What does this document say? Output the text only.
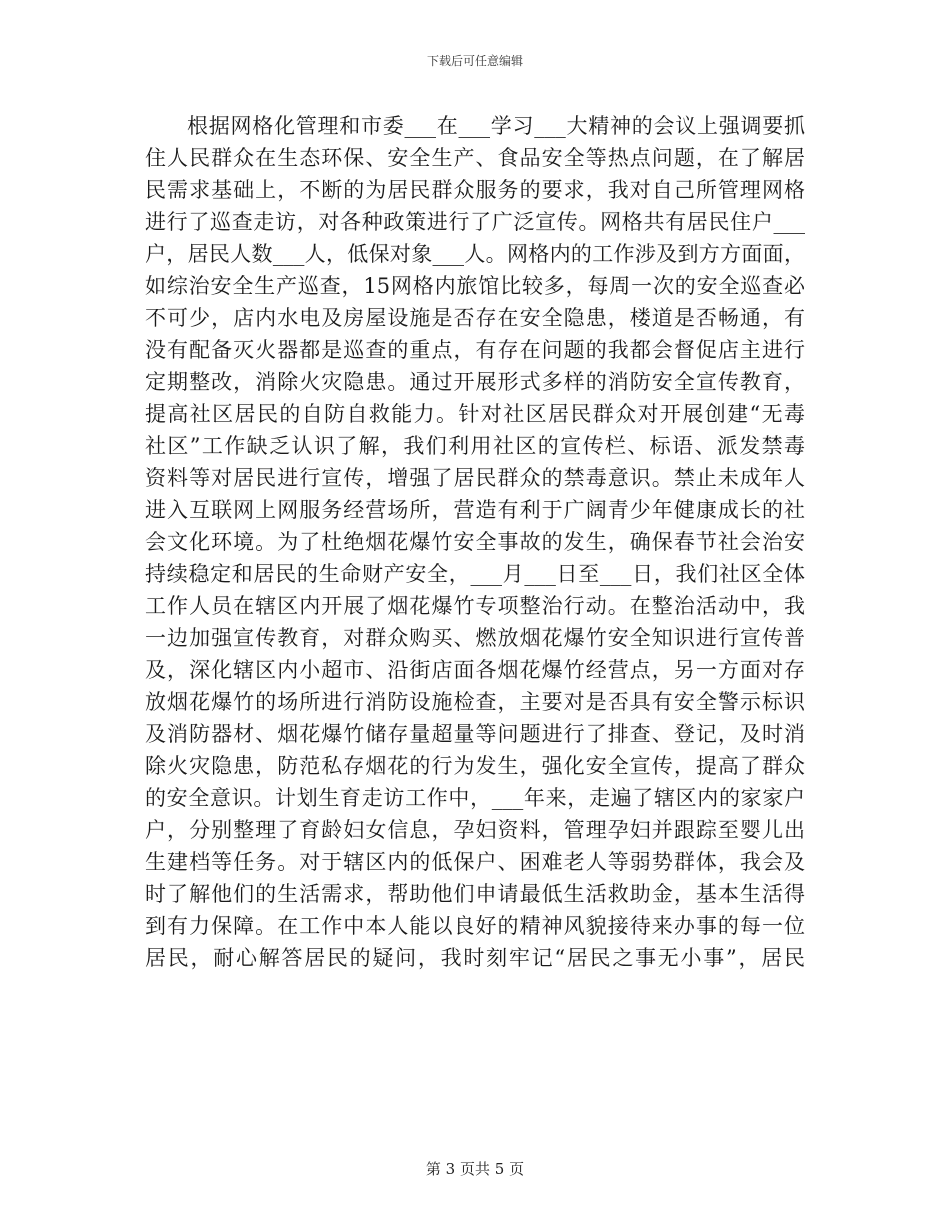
下载后可任意编辑
根据网格化管理和市委___在___学习___大精神的会议上强调要抓
住人民群众在生态环保、安全生产、食品安全等热点问题，在了解居
民需求基础上，不断的为居民群众服务的要求，我对自己所管理网格
进行了巡查走访，对各种政策进行了广泛宣传。网格共有居民住户___
户，居民人数___人，低保对象___人。网格内的工作涉及到方方面面，
如综治安全生产巡查，15网格内旅馆比较多，每周一次的安全巡查必
不可少，店内水电及房屋设施是否存在安全隐患，楼道是否畅通，有
没有配备灭火器都是巡查的重点，有存在问题的我都会督促店主进行
定期整改，消除火灾隐患。通过开展形式多样的消防安全宣传教育，
提高社区居民的自防自救能力。针对社区居民群众对开展创建“无毒
社区”工作缺乏认识了解，我们利用社区的宣传栏、标语、派发禁毒
资料等对居民进行宣传，增强了居民群众的禁毒意识。禁止未成年人
进入互联网上网服务经营场所，营造有利于广阔青少年健康成长的社
会文化环境。为了杜绝烟花爆竹安全事故的发生，确保春节社会治安
持续稳定和居民的生命财产安全，___月___日至___日，我们社区全体
工作人员在辖区内开展了烟花爆竹专项整治行动。在整治活动中，我
一边加强宣传教育，对群众购买、燃放烟花爆竹安全知识进行宣传普
及，深化辖区内小超市、沿街店面各烟花爆竹经营点，另一方面对存
放烟花爆竹的场所进行消防设施检查，主要对是否具有安全警示标识
及消防器材、烟花爆竹储存量超量等问题进行了排查、登记，及时消
除火灾隐患，防范私存烟花的行为发生，强化安全宣传，提高了群众
的安全意识。计划生育走访工作中，___年来，走遍了辖区内的家家户
户，分别整理了育龄妇女信息，孕妇资料，管理孕妇并跟踪至婴儿出
生建档等任务。对于辖区内的低保户、困难老人等弱势群体，我会及
时了解他们的生活需求，帮助他们申请最低生活救助金，基本生活得
到有力保障。在工作中本人能以良好的精神风貌接待来办事的每一位
居民，耐心解答居民的疑问，我时刻牢记“居民之事无小事”，居民
第 3 页共 5 页
